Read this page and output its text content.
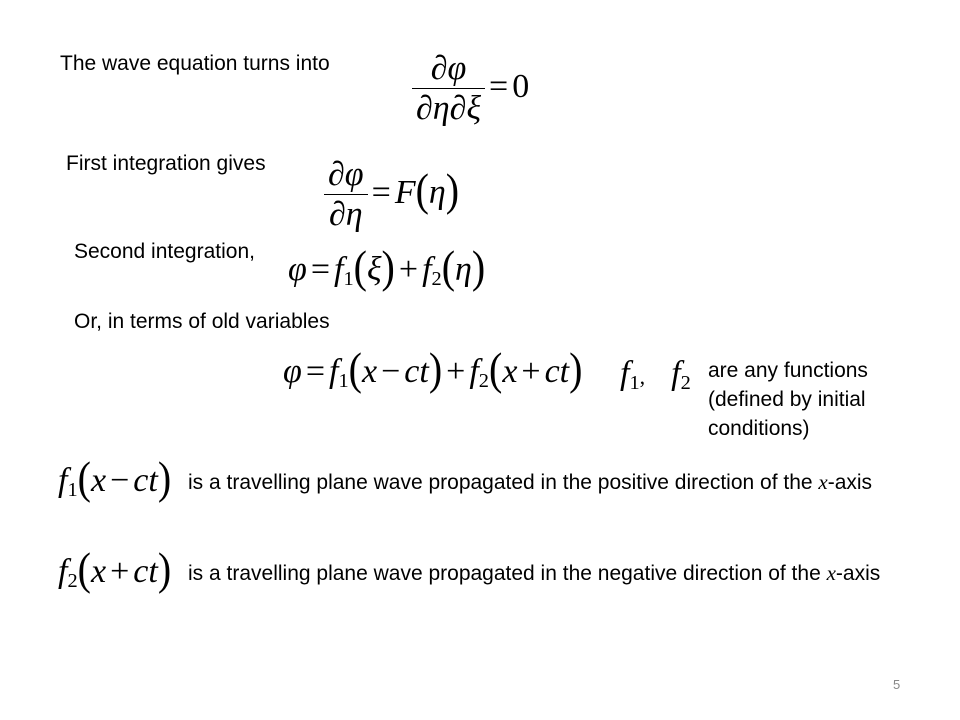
The wave equation turns into $\frac{\partial\varphi}{\partial\eta\partial\xi} = 0$
First integration gives $\frac{\partial\varphi}{\partial\eta} = F(\eta)$
Second integration, $\varphi = f_1(\xi) + f_2(\eta)$
Or, in terms of old variables
$\varphi = f_1(x - ct) + f_2(x + ct)$ $f_1$, $f_2$
are any functions (defined by initial conditions)
$f_1(x - ct)$ is a travelling plane wave propagated in the positive direction of the x-axis
$f_2(x + ct)$ is a travelling plane wave propagated in the negative direction of the x-axis
5
